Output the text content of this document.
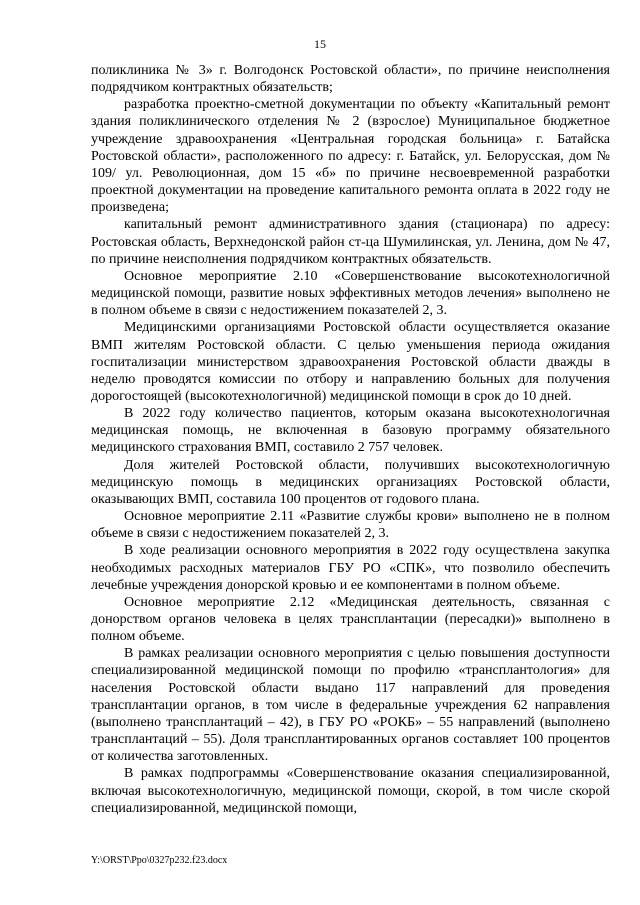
15

поликлиника № 3» г. Волгодонск Ростовской области», по причине неисполнения подрядчиком контрактных обязательств;

разработка проектно-сметной документации по объекту «Капитальный ремонт здания поликлинического отделения № 2 (взрослое) Муниципальное бюджетное учреждение здравоохранения «Центральная городская больница» г. Батайска Ростовской области», расположенного по адресу: г. Батайск, ул. Белорусская, дом № 109/ ул. Революционная, дом 15 «б» по причине несвоевременной разработки проектной документации на проведение капитального ремонта оплата в 2022 году не произведена;

капитальный ремонт административного здания (стационара) по адресу: Ростовская область, Верхнедонской район ст-ца Шумилинская, ул. Ленина, дом № 47, по причине неисполнения подрядчиком контрактных обязательств.

Основное мероприятие 2.10 «Совершенствование высокотехнологичной медицинской помощи, развитие новых эффективных методов лечения» выполнено не в полном объеме в связи с недостижением показателей 2, 3.

Медицинскими организациями Ростовской области осуществляется оказание ВМП жителям Ростовской области. С целью уменьшения периода ожидания госпитализации министерством здравоохранения Ростовской области дважды в неделю проводятся комиссии по отбору и направлению больных для получения дорогостоящей (высокотехнологичной) медицинской помощи в срок до 10 дней.

В 2022 году количество пациентов, которым оказана высокотехнологичная медицинская помощь, не включенная в базовую программу обязательного медицинского страхования ВМП, составило 2 757 человек.

Доля жителей Ростовской области, получивших высокотехнологичную медицинскую помощь в медицинских организациях Ростовской области, оказывающих ВМП, составила 100 процентов от годового плана.

Основное мероприятие 2.11 «Развитие службы крови» выполнено не в полном объеме в связи с недостижением показателей 2, 3.

В ходе реализации основного мероприятия в 2022 году осуществлена закупка необходимых расходных материалов ГБУ РО «СПК», что позволило обеспечить лечебные учреждения донорской кровью и ее компонентами в полном объеме.

Основное мероприятие 2.12 «Медицинская деятельность, связанная с донорством органов человека в целях трансплантации (пересадки)» выполнено в полном объеме.

В рамках реализации основного мероприятия с целью повышения доступности специализированной медицинской помощи по профилю «трансплантология» для населения Ростовской области выдано 117 направлений для проведения трансплантации органов, в том числе в федеральные учреждения 62 направления (выполнено трансплантаций – 42), в ГБУ РО «РОКБ» – 55 направлений (выполнено трансплантаций – 55). Доля трансплантированных органов составляет 100 процентов от количества заготовленных.

В рамках подпрограммы «Совершенствование оказания специализированной, включая высокотехнологичную, медицинской помощи, скорой, в том числе скорой специализированной, медицинской помощи,

Y:\ORST\Ppo\0327p232.f23.docx
